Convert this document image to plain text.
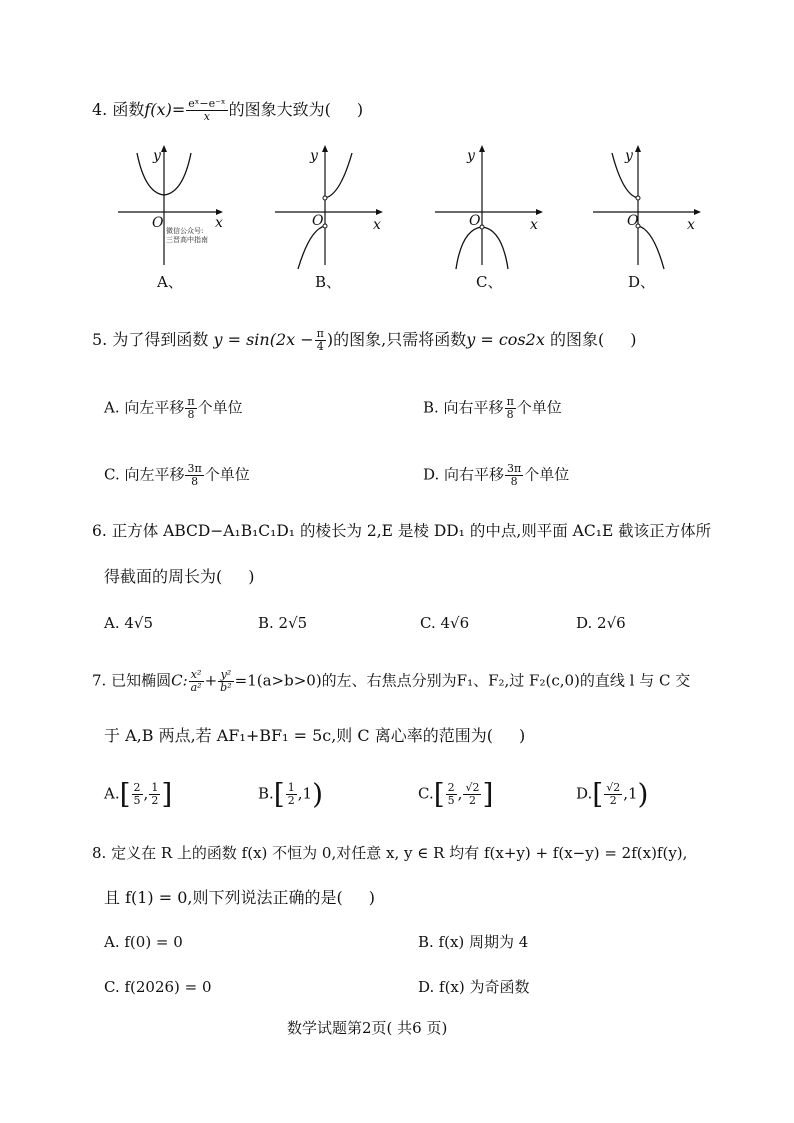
4. 函数$f(x)= \frac{\text{eˣ−e⁻ˣ}}{x}$ 的图象大致为( )
y
x
O 微信公众号:
三晋高中指南
A、
y
x
O
B、
y
x
O
C、
y
x
O
D、
5. 为了得到函数 $y = \sin(2x - \frac{\pi}{4}$ )的图象,只需将函数y = cos2x 的图象( )
A. 向左平移 $\frac{\pi}{8}$ 个单位	B. 向右平移 $\frac{\pi}{8}$ 个单位
C. 向左平移 $\frac{3\pi}{8}$ 个单位	D. 向右平移 $\frac{3\pi}{8}$ 个单位
6. 正方体 ABCD−A₁B₁C₁D₁ 的棱长为 2,E 是棱 DD₁ 的中点,则平面 AC₁E 截该正方体所
得截面的周长为( )
A. 4√5	B. 2√5	C. 4√6	D. 2√6
7. 已知椭圆C: $\frac{\text{x²}}{\text{a²}} + \frac{\text{y²}}{\text{b²}} =1(a>b>0)$的左、右焦点分别为F₁、F₂,过 F₂(c,0)的直线 l 与 C 交
于 A,B 两点,若 AF₁+BF₁ = 5c,则 C 离心率的范围为( )
$A.[ \frac{2}{5}$ , $\frac{1}{2}$ ]	$B.[ \frac{1}{2} ,1)$	$C.[ \frac{2}{5}$ , $\frac{√2}{2}$ ]	$D.[ \frac{√2}{2} ,1)$
8. 定义在 R 上的函数 f(x) 不恒为 0,对任意 x, y ∈ R 均有 f(x+y) + f(x−y) = 2f(x)f(y),
且 f(1) = 0,则下列说法正确的是( )
A. f(0) = 0	B. f(x) 周期为 4
C. f(2026) = 0	D. f(x) 为奇函数
数学试题第2页( 共6 页)
